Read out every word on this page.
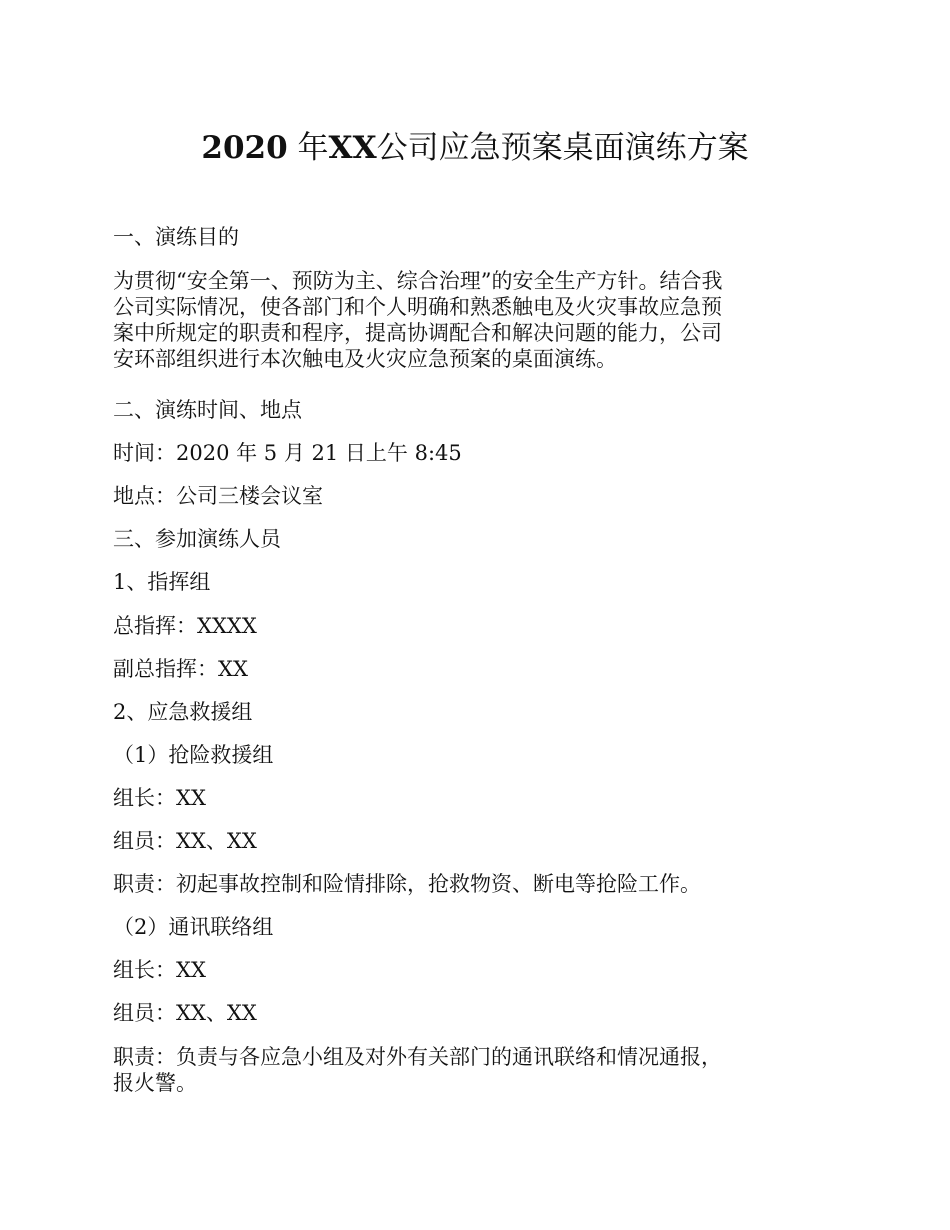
2020 年XX公司应急预案桌面演练方案

一、演练目的

为贯彻“安全第一、预防为主、综合治理”的安全生产方针。结合我
公司实际情况，使各部门和个人明确和熟悉触电及火灾事故应急预
案中所规定的职责和程序，提高协调配合和解决问题的能力，公司
安环部组织进行本次触电及火灾应急预案的桌面演练。

二、演练时间、地点

时间：2020 年 5 月 21 日上午 8:45

地点：公司三楼会议室

三、参加演练人员

1、指挥组

总指挥：XXXX

副总指挥：XX

2、应急救援组

（1）抢险救援组

组长：XX

组员：XX、XX

职责：初起事故控制和险情排除，抢救物资、断电等抢险工作。

（2）通讯联络组

组长：XX

组员：XX、XX

职责：负责与各应急小组及对外有关部门的通讯联络和情况通报，
报火警。
